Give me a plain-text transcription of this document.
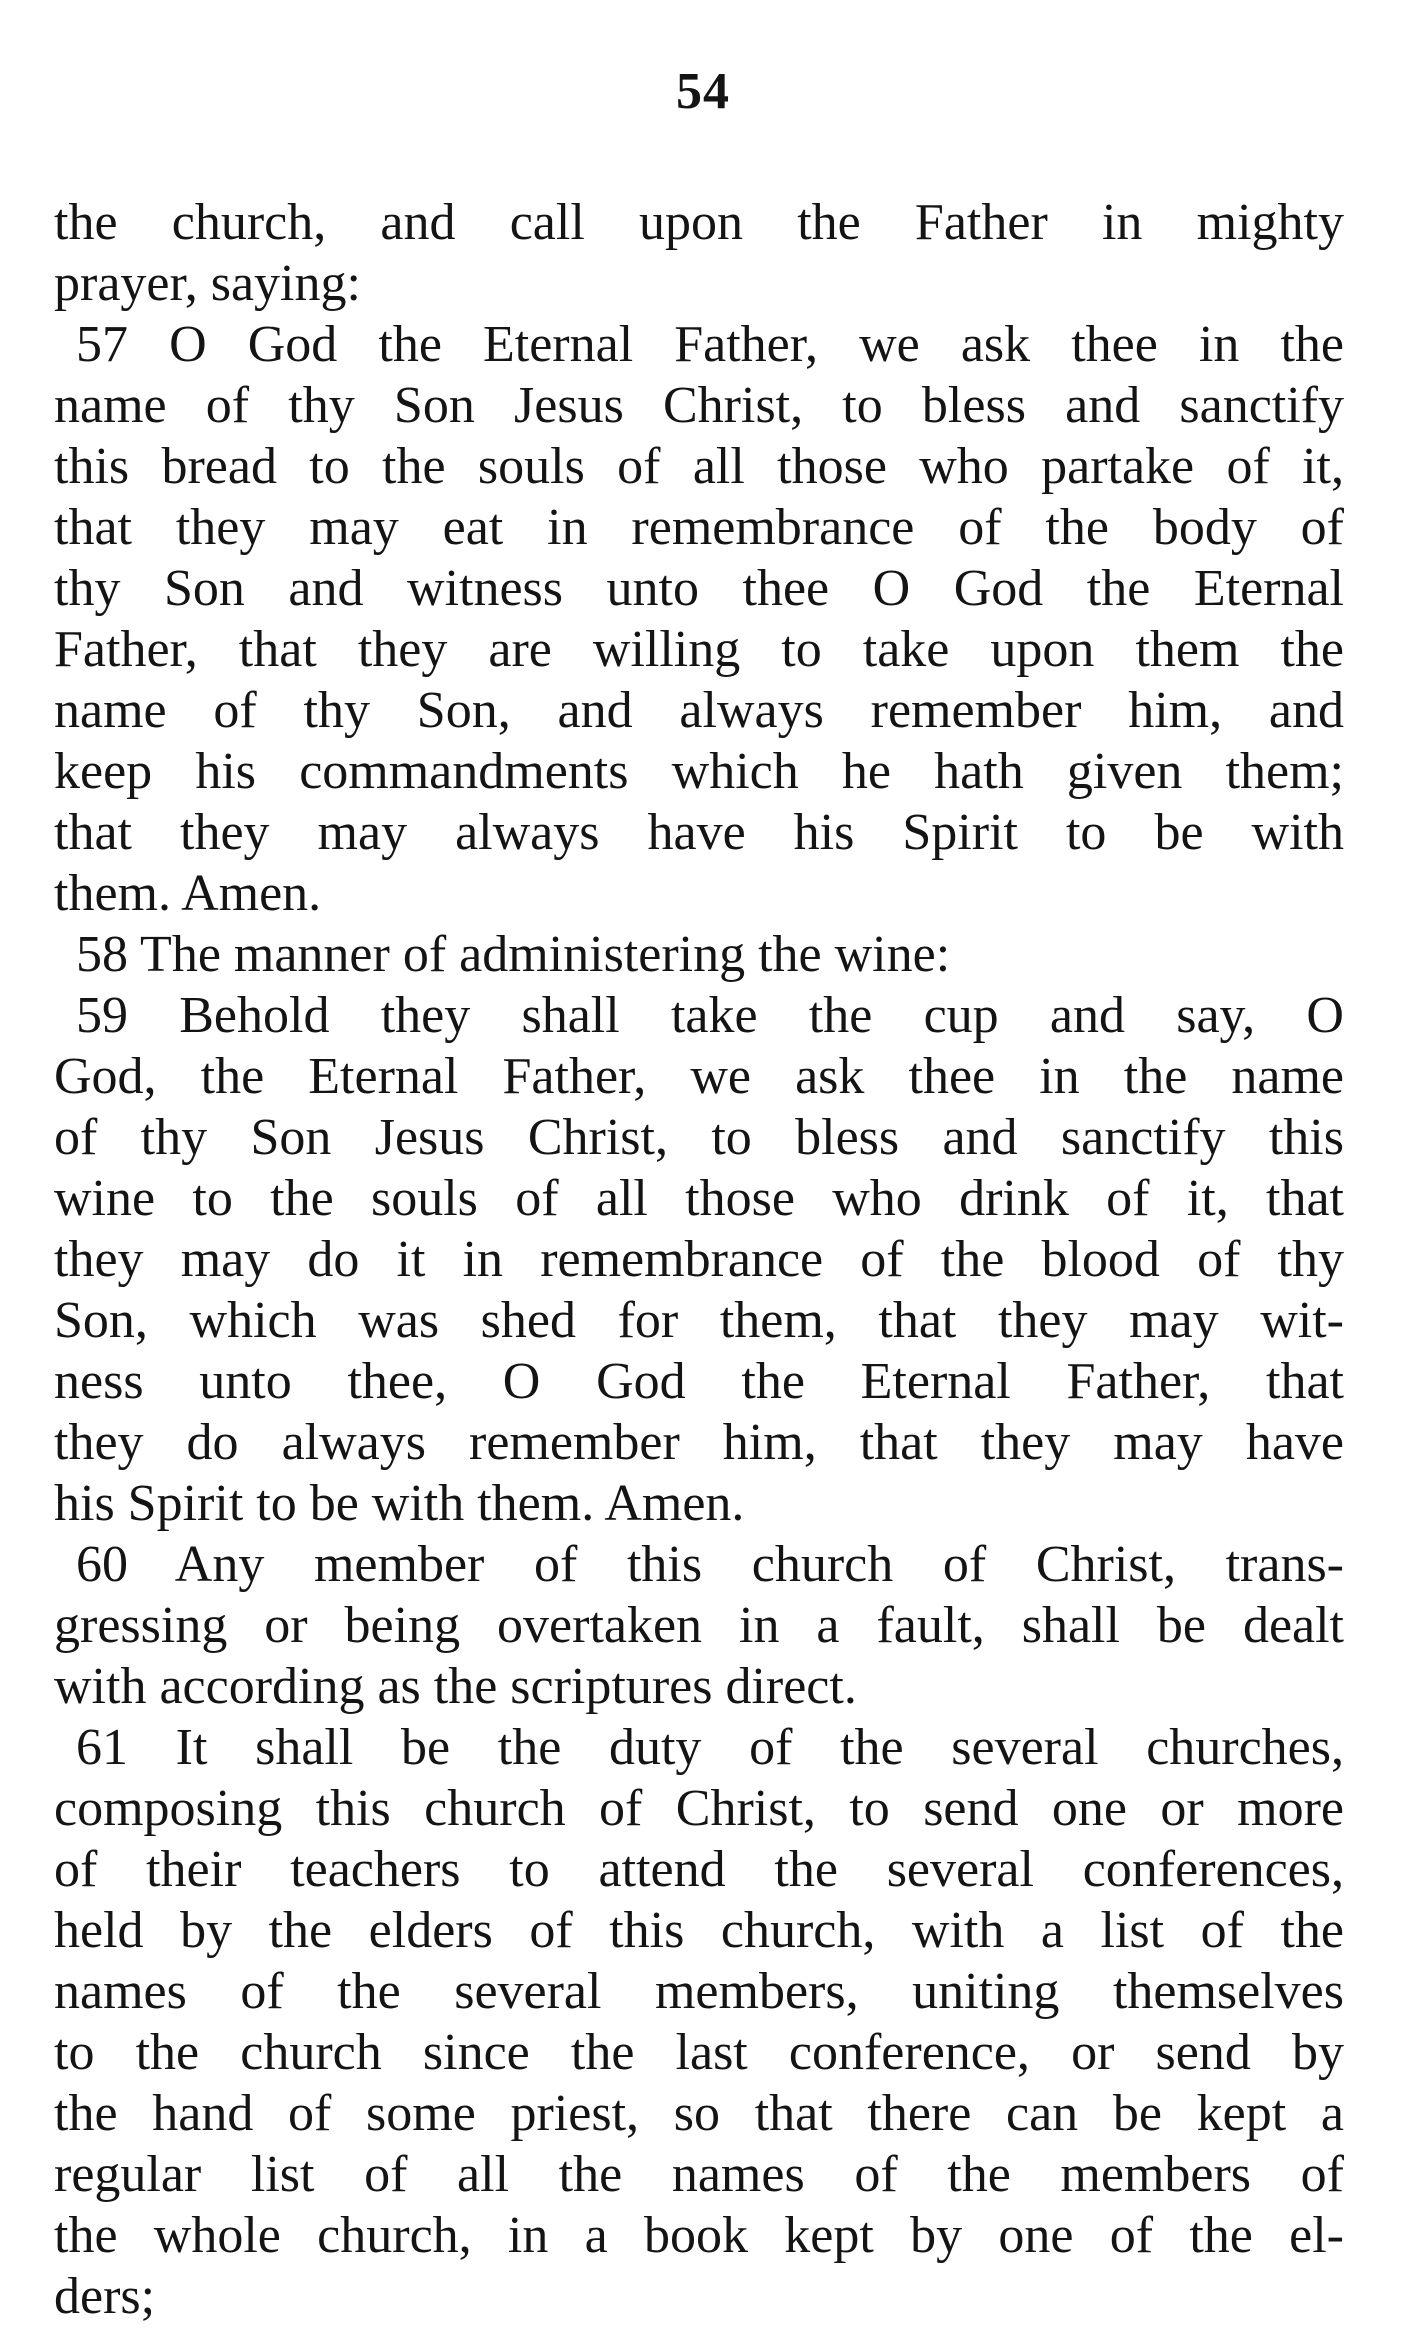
54
the church, and call upon the Father in mighty
prayer, saying:
57 O God the Eternal Father, we ask thee in the
name of thy Son Jesus Christ, to bless and sanctify
this bread to the souls of all those who partake of it,
that they may eat in remembrance of the body of
thy Son and witness unto thee O God the Eternal
Father, that they are willing to take upon them the
name of thy Son, and always remember him, and
keep his commandments which he hath given them;
that they may always have his Spirit to be with
them. Amen.
58 The manner of administering the wine:
59 Behold they shall take the cup and say, O
God, the Eternal Father, we ask thee in the name
of thy Son Jesus Christ, to bless and sanctify this
wine to the souls of all those who drink of it, that
they may do it in remembrance of the blood of thy
Son, which was shed for them, that they may wit-
ness unto thee, O God the Eternal Father, that
they do always remember him, that they may have
his Spirit to be with them. Amen.
60 Any member of this church of Christ, trans-
gressing or being overtaken in a fault, shall be dealt
with according as the scriptures direct.
61 It shall be the duty of the several churches,
composing this church of Christ, to send one or more
of their teachers to attend the several conferences,
held by the elders of this church, with a list of the
names of the several members, uniting themselves
to the church since the last conference, or send by
the hand of some priest, so that there can be kept a
regular list of all the names of the members of
the whole church, in a book kept by one of the el-
ders;
